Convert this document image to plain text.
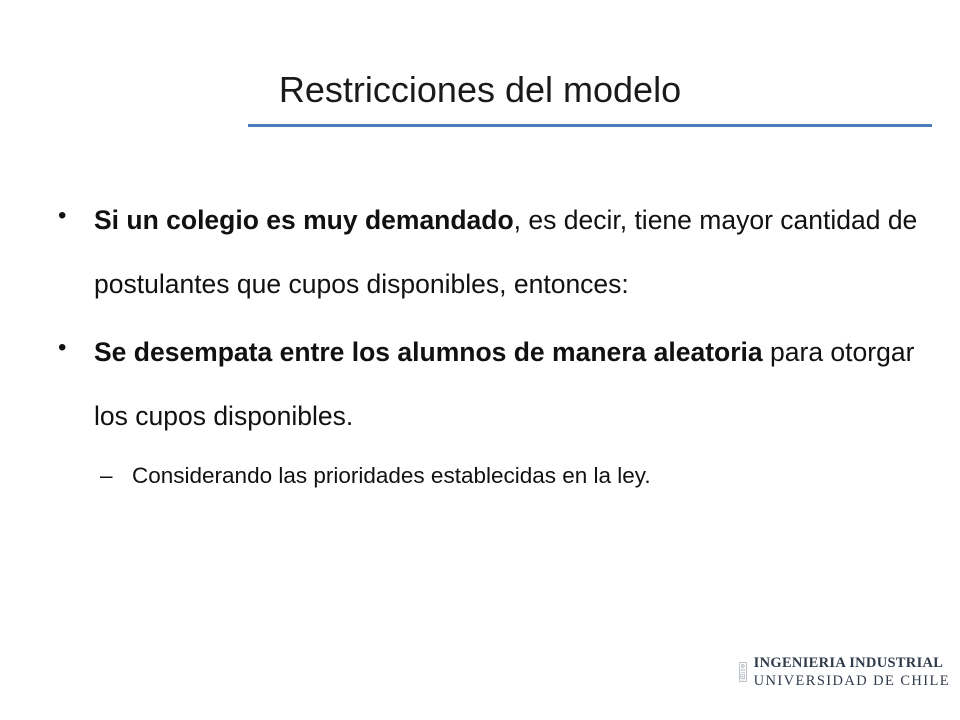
Restricciones del modelo
• Si un colegio es muy demandado, es decir, tiene mayor cantidad de postulantes que cupos disponibles, entonces:
• Se desempata entre los alumnos de manera aleatoria para otorgar los cupos disponibles.
– Considerando las prioridades establecidas en la ley.
INGENIERIA INDUSTRIAL
UNIVERSIDAD DE CHILE
